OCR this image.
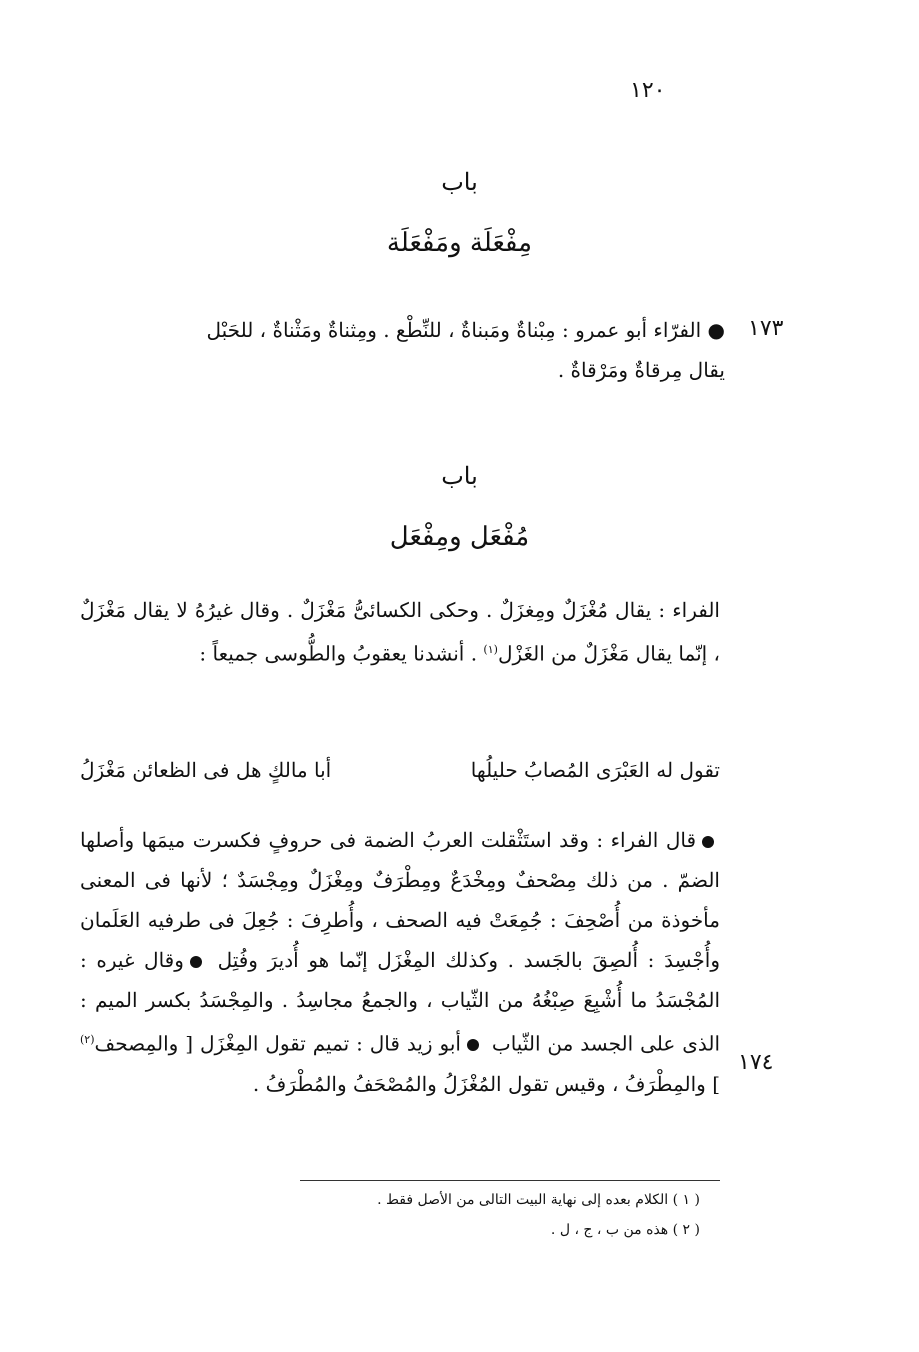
١٢٠
باب
مِفْعَلَة ومَفْعَلَة
١٧٣

● الفرّاء أبو عمرو : مِبْناةٌ ومَبناةٌ ، للنِّطْع . ومِثناةٌ ومَثْناةٌ ، للحَبْل

يقال مِرقاةٌ ومَرْقاةٌ .

باب
مُفْعَل ومِفْعَل

الفراء : يقال مُغْزَلٌ ومِغزَلٌ . وحكى الكسائىُّ مَغْزَلٌ . وقال غيرُهُ لا يقال مَغْزَلٌ ، إنّما يقال مَغْزَلٌ من الغَزْل$^{(١)}$ . أنشدنا يعقوبُ والطُّوسى جميعاً :

تقول له العَبْرَى المُصابُ حليلُها
أبا مالكٍ هل فى الظعائن مَغْزَلُ
١٧٤

قال الفراء : وقد استَثْقلت العربُ الضمة فى حروفٍ فكسرت ميمَها وأصلها الضمّ . من ذلك مِصْحفٌ ومِخْدَعٌ ومِطْرَفٌ ومِغْزَلٌ ومِجْسَدٌ ؛ لأنها فى المعنى مأخوذة من أُصْحِفَ : جُمِعَتْ فيه الصحف ، وأُطرِفَ : جُعِلَ فى طرفيه العَلَمان وأُجْسِدَ : أُلصِقَ بالجَسد . وكذلك المِغْزَل إنّما هو أُديرَ وفُتِل وقال غيره : المُجْسَدُ ما أُشْبِعَ صِبْغُهُ من الثّياب ، والجمعُ مجاسِدُ . والمِجْسَدُ بكسر الميم : الذى على الجسد من الثّياب أبو زيد قال : تميم تقول المِغْزَل [ والمِصحف$^{(٢)}$ ] والمِطْرَفُ ، وقيس تقول المُغْزَلُ والمُصْحَفُ والمُطْرَفُ .

( ١ ) الكلام بعده إلى نهاية البيت التالى من الأصل فقط .
( ٢ ) هذه من ب ، ج ، ل .
